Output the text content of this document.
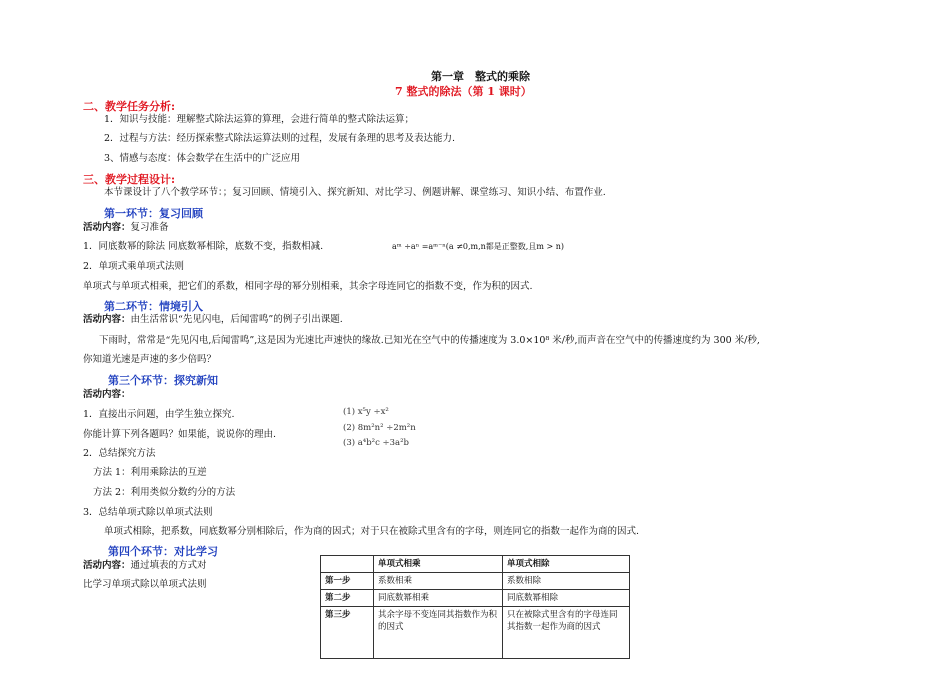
第一章　整式的乘除
7 整式的除法（第 1 课时）
二、教学任务分析:
1．知识与技能：理解整式除法运算的算理，会进行简单的整式除法运算；
2．过程与方法：经历探索整式除法运算法则的过程，发展有条理的思考及表达能力.
3、情感与态度：体会数学在生活中的广泛应用
三、教学过程设计:
本节课设计了八个教学环节：；复习回顾、情境引入、探究新知、对比学习、例题讲解、课堂练习、知识小结、布置作业.
第一环节：复习回顾
活动内容：复习准备
1．同底数幂的除法 同底数幂相除，底数不变，指数相减.	aᵐ ÷aⁿ =aᵐ⁻ⁿ(a ≠0,m,n都是正整数,且m > n)
2．单项式乘单项式法则
单项式与单项式相乘，把它们的系数，相同字母的幂分别相乘，其余字母连同它的指数不变，作为积的因式.
第二环节：情境引入
活动内容：由生活常识“先见闪电，后闻雷鸣”的例子引出课题.
下雨时，常常是“先见闪电,后闻雷鸣”,这是因为光速比声速快的缘故.已知光在空气中的传播速度为 3.0×10⁸ 米/秒,而声音在空气中的传播速度约为 300 米/秒,
你知道光速是声速的多少倍吗？
第三个环节：探究新知
活动内容：
1．直接出示问题，由学生独立探究.	(1) x⁵y ÷x²
(2) 8m²n² ÷2m²n
(3) a⁴b²c ÷3a²b
你能计算下列各题吗？如果能，说说你的理由.
2．总结探究方法
方法 1：利用乘除法的互逆
方法 2：利用类似分数约分的方法
3．总结单项式除以单项式法则
单项式相除，把系数，同底数幂分别相除后，作为商的因式；对于只在被除式里含有的字母，则连同它的指数一起作为商的因式.
第四个环节：对比学习
活动内容：通过填表的方式对
比学习单项式除以单项式法则
	单项式相乘	单项式相除
第一步	系数相乘	系数相除
第二步	同底数幂相乘	同底数幂相除
第三步	其余字母不变连同其指数作为积的因式	只在被除式里含有的字母连同其指数一起作为商的因式
